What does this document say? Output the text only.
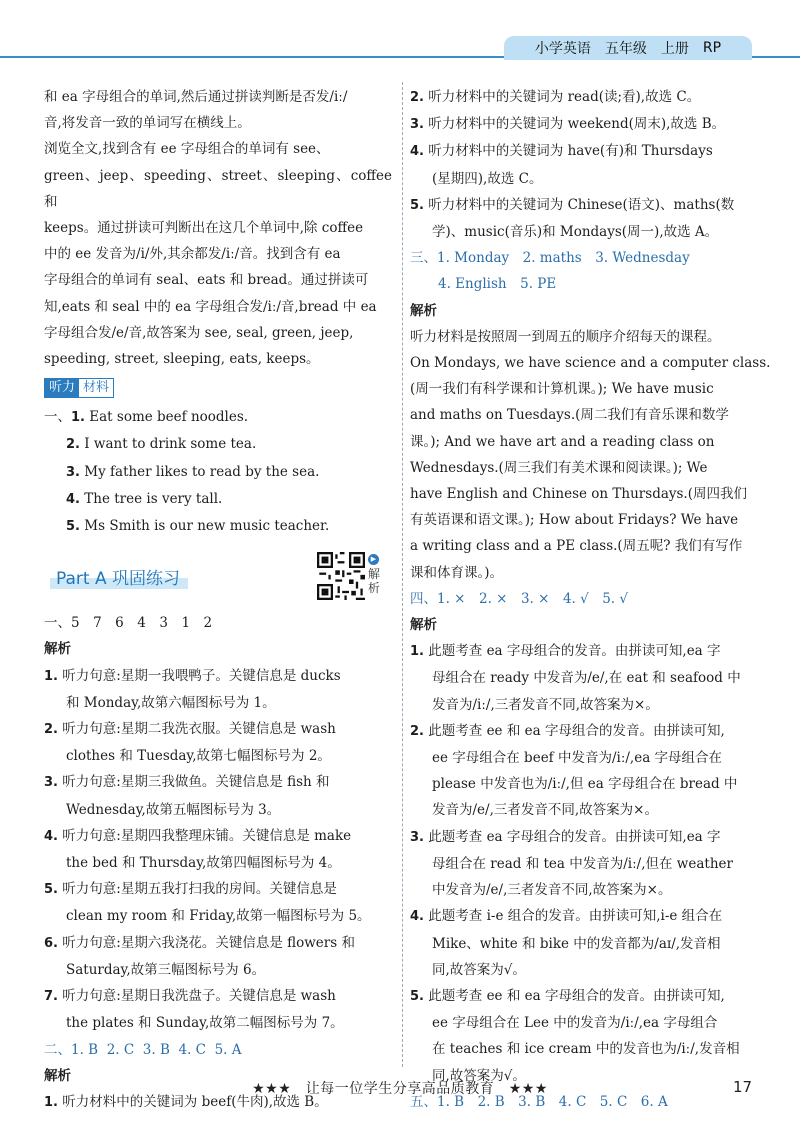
小学英语 五年级 上册 RP
和 ea 字母组合的单词,然后通过拼读判断是否发/iː/
音,将发音一致的单词写在横线上。
浏览全文,找到含有 ee 字母组合的单词有 see、
green、jeep、speeding、street、sleeping、coffee 和
keeps。通过拼读可判断出在这几个单词中,除 coffee
中的 ee 发音为/i/外,其余都发/iː/音。找到含有 ea
字母组合的单词有 seal、eats 和 bread。通过拼读可
知,eats 和 seal 中的 ea 字母组合发/iː/音,bread 中 ea
字母组合发/e/音,故答案为 see, seal, green, jeep,
speeding, street, sleeping, eats, keeps。
听力 材料
一、1. Eat some beef noodles.
2. I want to drink some tea.
3. My father likes to read by the sea.
4. The tree is very tall.
5. Ms Smith is our new music teacher.
Part A 巩固练习
▶
解
析
一、5　7　6　4　3　1　2
解析
1. 听力句意:星期一我喂鸭子。关键信息是 ducks
和 Monday,故第六幅图标号为 1。
2. 听力句意:星期二我洗衣服。关键信息是 wash
clothes 和 Tuesday,故第七幅图标号为 2。
3. 听力句意:星期三我做鱼。关键信息是 fish 和
Wednesday,故第五幅图标号为 3。
4. 听力句意:星期四我整理床铺。关键信息是 make
the bed 和 Thursday,故第四幅图标号为 4。
5. 听力句意:星期五我打扫我的房间。关键信息是
clean my room 和 Friday,故第一幅图标号为 5。
6. 听力句意:星期六我浇花。关键信息是 flowers 和
Saturday,故第三幅图标号为 6。
7. 听力句意:星期日我洗盘子。关键信息是 wash
the plates 和 Sunday,故第二幅图标号为 7。
二、1. B 2. C 3. B 4. C 5. A
解析
1. 听力材料中的关键词为 beef(牛肉),故选 B。
2. 听力材料中的关键词为 read(读;看),故选 C。
3. 听力材料中的关键词为 weekend(周末),故选 B。
4. 听力材料中的关键词为 have(有)和 Thursdays
(星期四),故选 C。
5. 听力材料中的关键词为 Chinese(语文)、maths(数
学)、music(音乐)和 Mondays(周一),故选 A。
三、1. Monday　2. maths　3. Wednesday
4. English　5. PE
解析
听力材料是按照周一到周五的顺序介绍每天的课程。
On Mondays, we have science and a computer class.
(周一我们有科学课和计算机课。); We have music
and maths on Tuesdays.(周二我们有音乐课和数学
课。); And we have art and a reading class on
Wednesdays.(周三我们有美术课和阅读课。); We
have English and Chinese on Thursdays.(周四我们
有英语课和语文课。); How about Fridays? We have
a writing class and a PE class.(周五呢? 我们有写作
课和体育课。)。
四、1. ×　2. ×　3. ×　4. √　5. √
解析
1. 此题考查 ea 字母组合的发音。由拼读可知,ea 字
母组合在 ready 中发音为/e/,在 eat 和 seafood 中
发音为/iː/,三者发音不同,故答案为×。
2. 此题考查 ee 和 ea 字母组合的发音。由拼读可知,
ee 字母组合在 beef 中发音为/iː/,ea 字母组合在
please 中发音也为/iː/,但 ea 字母组合在 bread 中
发音为/e/,三者发音不同,故答案为×。
3. 此题考查 ea 字母组合的发音。由拼读可知,ea 字
母组合在 read 和 tea 中发音为/iː/,但在 weather
中发音为/e/,三者发音不同,故答案为×。
4. 此题考查 i-e 组合的发音。由拼读可知,i-e 组合在
Mike、white 和 bike 中的发音都为/aɪ/,发音相
同,故答案为√。
5. 此题考查 ee 和 ea 字母组合的发音。由拼读可知,
ee 字母组合在 Lee 中的发音为/iː/,ea 字母组合
在 teaches 和 ice cream 中的发音也为/iː/,发音相
同,故答案为√。
五、1. B　2. B　3. B　4. C　5. C　6. A
★★★　让每一位学生分享高品质教育　★★★	17
